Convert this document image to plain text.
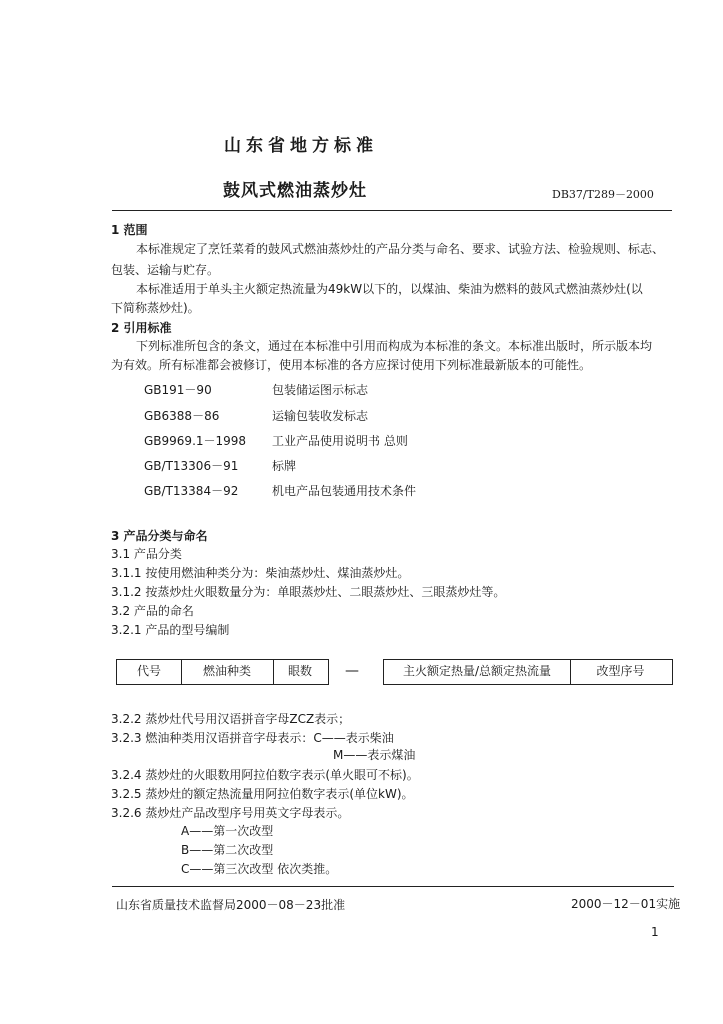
山东省地方标准
鼓风式燃油蒸炒灶	DB37/T289－2000
1 范围
本标准规定了烹饪菜肴的鼓风式燃油蒸炒灶的产品分类与命名、要求、试验方法、检验规则、标志、
包装、运输与贮存。
本标准适用于单头主火额定热流量为49kW以下的，以煤油、柴油为燃料的鼓风式燃油蒸炒灶(以
下简称蒸炒灶)。
2 引用标准
下列标准所包含的条文，通过在本标准中引用而构成为本标准的条文。本标准出版时，所示版本均
为有效。所有标准都会被修订，使用本标准的各方应探讨使用下列标准最新版本的可能性。
GB191－90	包装储运图示标志
GB6388－86	运输包装收发标志
GB9969.1－1998 工业产品使用说明书 总则
GB/T13306－91	标牌
GB/T13384－92	机电产品包装通用技术条件
3 产品分类与命名
3.1 产品分类
3.1.1 按使用燃油种类分为：柴油蒸炒灶、煤油蒸炒灶。
3.1.2 按蒸炒灶火眼数量分为：单眼蒸炒灶、二眼蒸炒灶、三眼蒸炒灶等。
3.2 产品的命名
3.2.1 产品的型号编制
代号	燃油种类	眼数	—	主火额定热量/总额定热流量	改型序号
3.2.2 蒸炒灶代号用汉语拼音字母ZCZ表示；
3.2.3 燃油种类用汉语拼音字母表示：C——表示柴油
M——表示煤油
3.2.4 蒸炒灶的火眼数用阿拉伯数字表示(单火眼可不标)。
3.2.5 蒸炒灶的额定热流量用阿拉伯数字表示(单位kW)。
3.2.6 蒸炒灶产品改型序号用英文字母表示。
A——第一次改型
B——第二次改型
C——第三次改型 依次类推。
山东省质量技术监督局2000－08－23批准	2000－12－01实施
1
